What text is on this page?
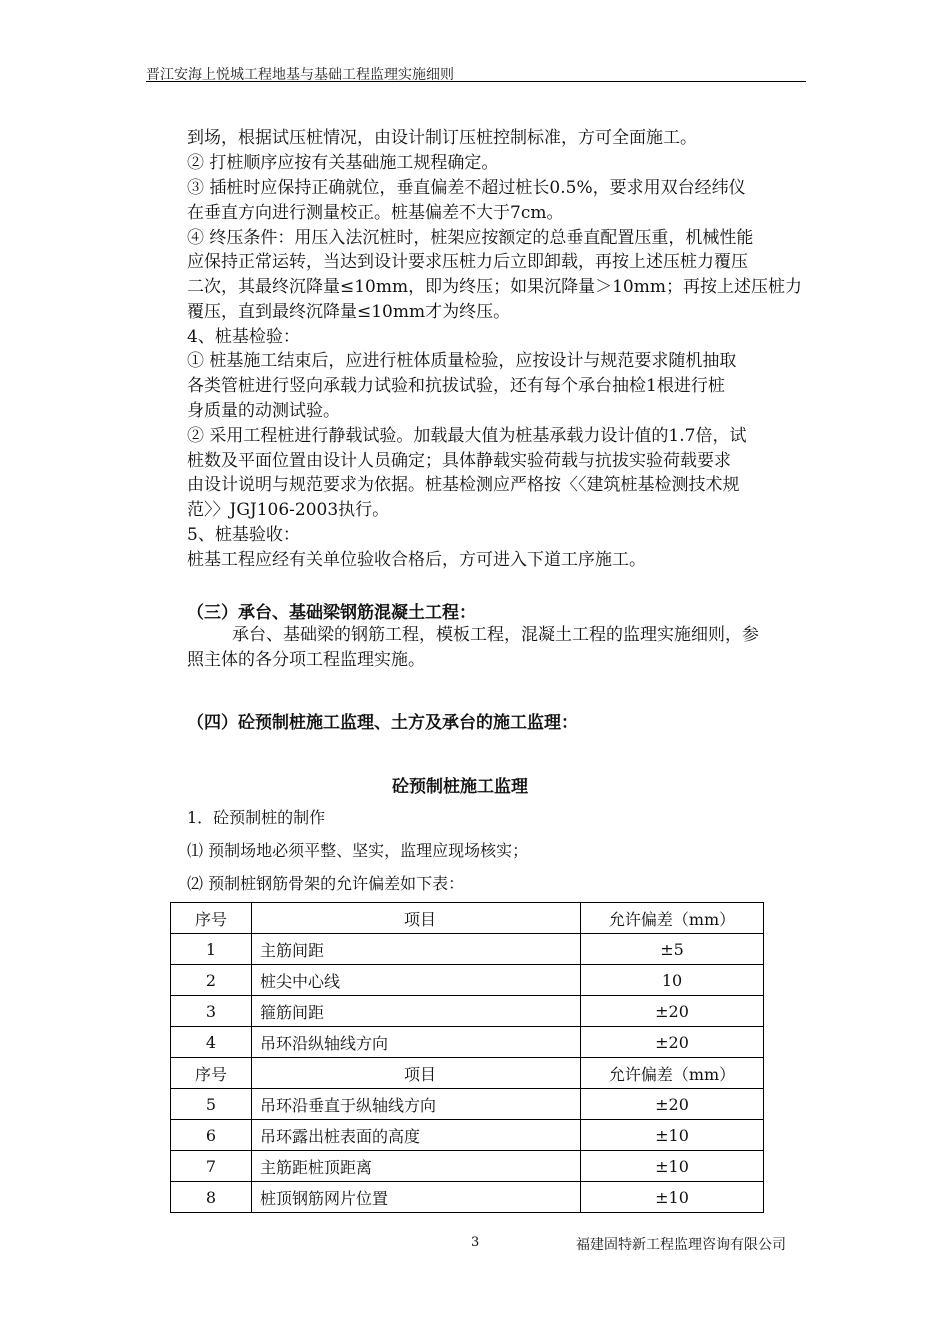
晋江安海上悦城工程地基与基础工程监理实施细则
到场，根据试压桩情况，由设计制订压桩控制标准，方可全面施工。
② 打桩顺序应按有关基础施工规程确定。
③ 插桩时应保持正确就位，垂直偏差不超过桩长0.5%，要求用双台经纬仪
在垂直方向进行测量校正。桩基偏差不大于7cm。
④ 终压条件：用压入法沉桩时，桩架应按额定的总垂直配置压重，机械性能
应保持正常运转，当达到设计要求压桩力后立即卸载，再按上述压桩力覆压
二次，其最终沉降量≤10mm，即为终压；如果沉降量＞10mm；再按上述压桩力
覆压，直到最终沉降量≤10mm才为终压。
4、桩基检验：
① 桩基施工结束后，应进行桩体质量检验，应按设计与规范要求随机抽取
各类管桩进行竖向承载力试验和抗拔试验，还有每个承台抽检1根进行桩
身质量的动测试验。
② 采用工程桩进行静载试验。加载最大值为桩基承载力设计值的1.7倍，试
桩数及平面位置由设计人员确定；具体静载实验荷载与抗拔实验荷载要求
由设计说明与规范要求为依据。桩基检测应严格按〈〈建筑桩基检测技术规
范〉〉JGJ106-2003执行。
5、桩基验收：
桩基工程应经有关单位验收合格后，方可进入下道工序施工。
（三）承台、基础梁钢筋混凝土工程：
承台、基础梁的钢筋工程，模板工程，混凝土工程的监理实施细则，参
照主体的各分项工程监理实施。
（四）砼预制桩施工监理、土方及承台的施工监理：
砼预制桩施工监理
1．砼预制桩的制作
⑴ 预制场地必须平整、坚实，监理应现场核实；
⑵ 预制桩钢筋骨架的允许偏差如下表：
序号	项目	允许偏差（mm）
1	主筋间距	±5
2	桩尖中心线	10
3	箍筋间距	±20
4	吊环沿纵轴线方向	±20
序号	项目	允许偏差（mm）
5	吊环沿垂直于纵轴线方向	±20
6	吊环露出桩表面的高度	±10
7	主筋距桩顶距离	±10
8	桩顶钢筋网片位置	±10
3	福建固特新工程监理咨询有限公司
